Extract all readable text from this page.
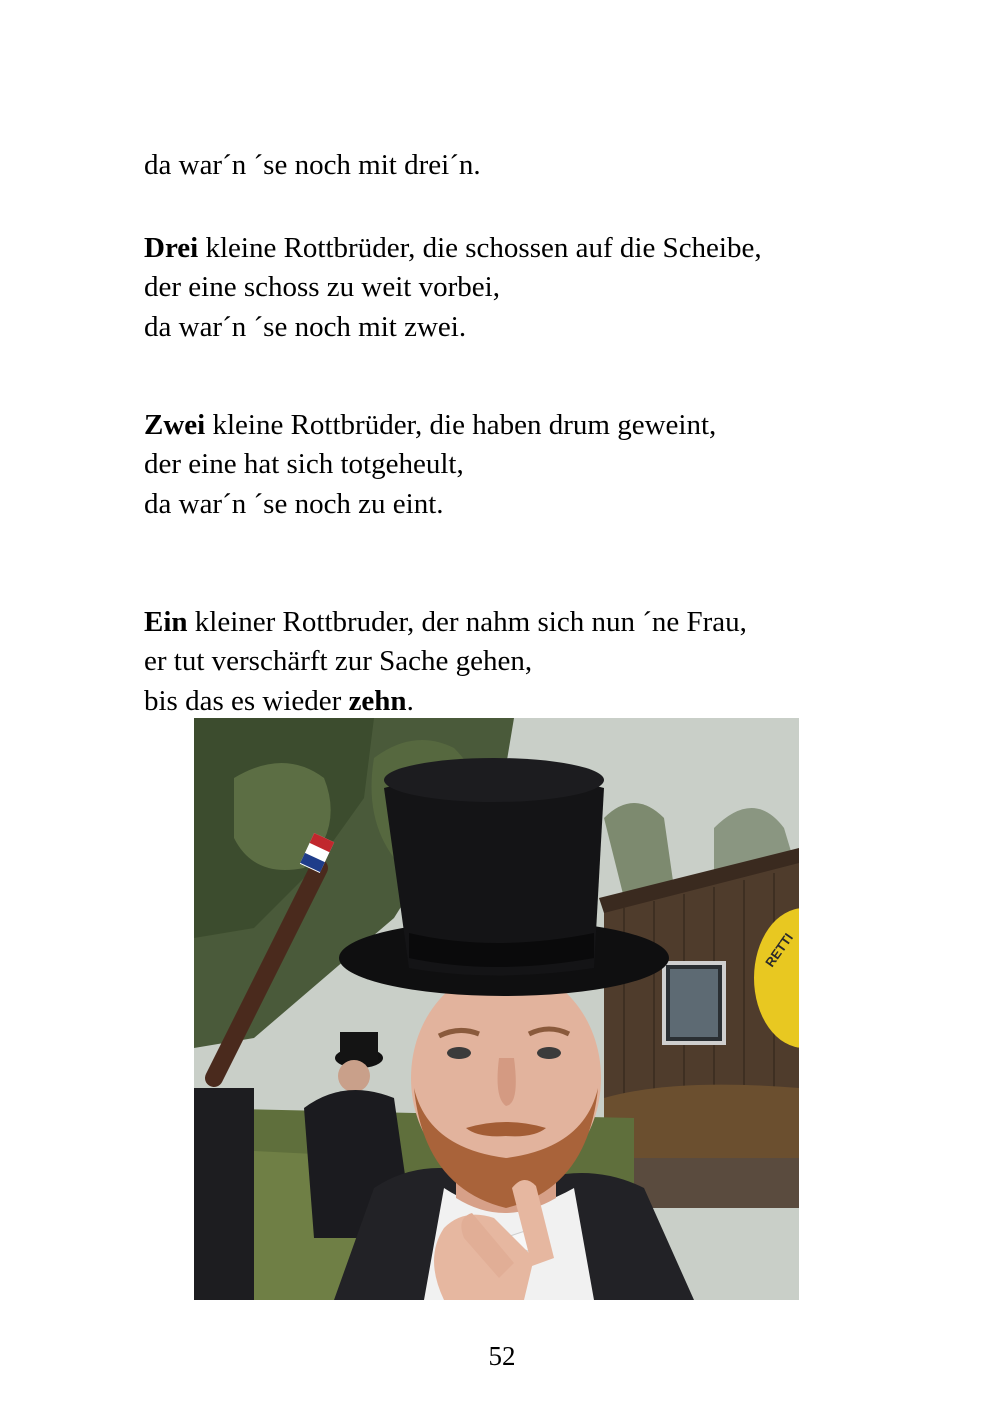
da war´n ´se noch mit drei´n.

Drei kleine Rottbrüder, die schossen auf die Scheibe,

der eine schoss zu weit vorbei,

da war´n ´se noch mit zwei.

Zwei kleine Rottbrüder, die haben drum geweint,

der eine hat sich totgeheult,

da war´n ´se noch zu eint.

Ein kleiner Rottbruder, der nahm sich nun ´ne Frau,

er tut verschärft zur Sache gehen,

bis das es wieder zehn.

RETTI
52
